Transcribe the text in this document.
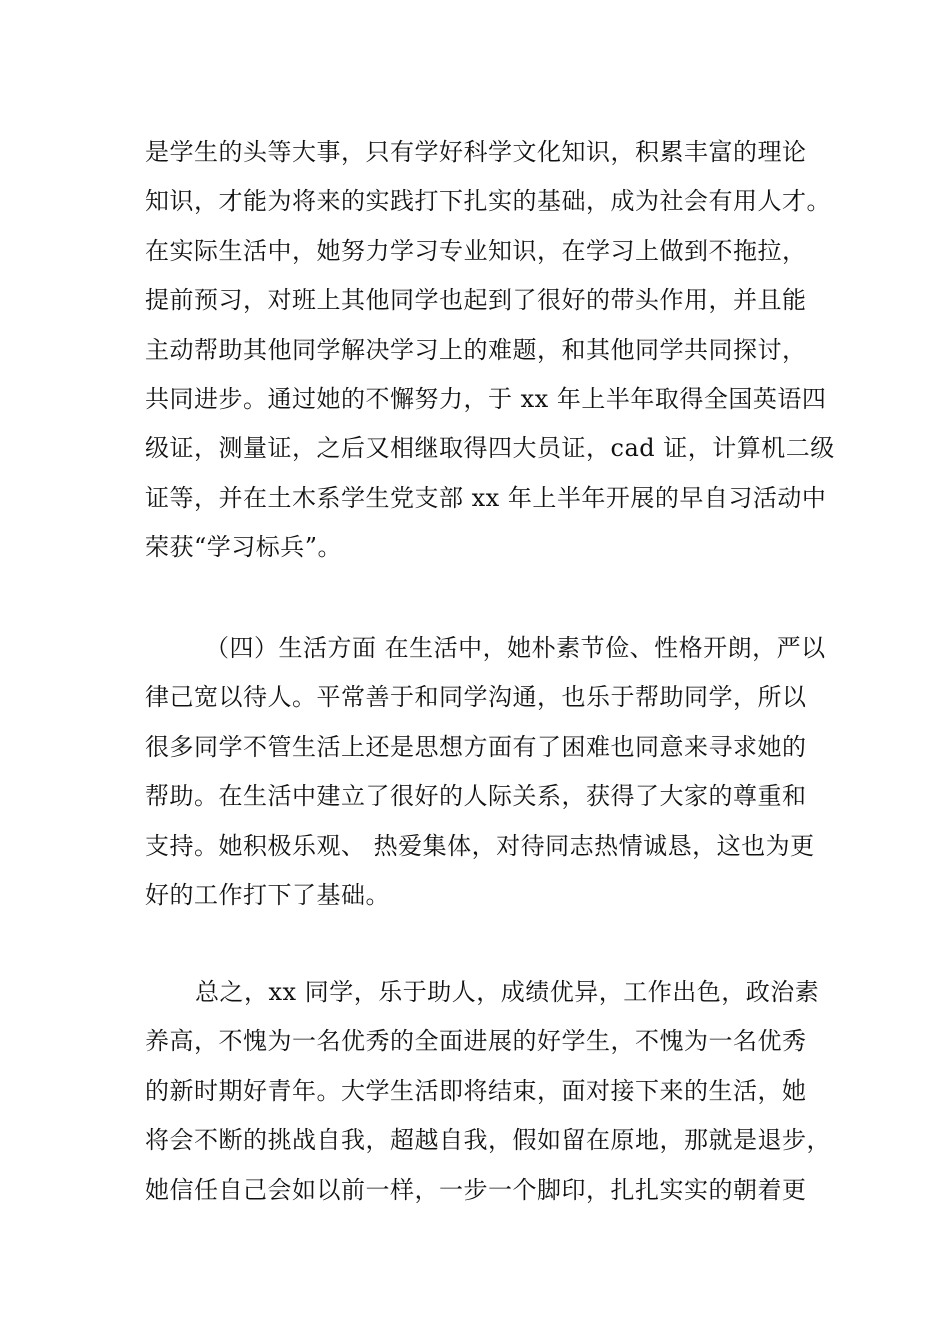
是学生的头等大事，只有学好科学文化知识，积累丰富的理论
知识，才能为将来的实践打下扎实的基础，成为社会有用人才。
在实际生活中，她努力学习专业知识，在学习上做到不拖拉，
提前预习，对班上其他同学也起到了很好的带头作用，并且能
主动帮助其他同学解决学习上的难题，和其他同学共同探讨，
共同进步。通过她的不懈努力，于 xx 年上半年取得全国英语四
级证，测量证，之后又相继取得四大员证，cad 证，计算机二级
证等，并在土木系学生党支部 xx 年上半年开展的早自习活动中
荣获“学习标兵”。
（四）生活方面 在生活中，她朴素节俭、性格开朗，严以
律己宽以待人。平常善于和同学沟通，也乐于帮助同学，所以
很多同学不管生活上还是思想方面有了困难也同意来寻求她的
帮助。在生活中建立了很好的人际关系，获得了大家的尊重和
支持。她积极乐观、 热爱集体，对待同志热情诚恳，这也为更
好的工作打下了基础。
总之，xx 同学，乐于助人，成绩优异，工作出色，政治素
养高，不愧为一名优秀的全面进展的好学生，不愧为一名优秀
的新时期好青年。大学生活即将结束，面对接下来的生活，她
将会不断的挑战自我，超越自我，假如留在原地，那就是退步，
她信任自己会如以前一样，一步一个脚印，扎扎实实的朝着更
